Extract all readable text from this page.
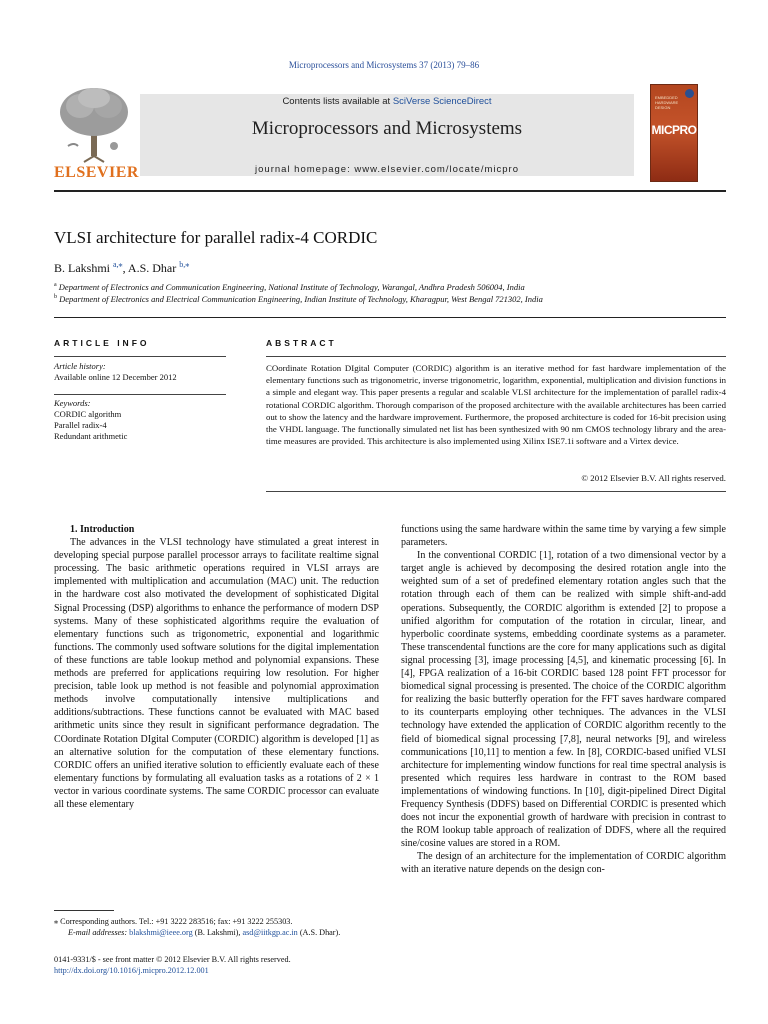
Microprocessors and Microsystems 37 (2013) 79–86
ELSEVIER
Contents lists available at SciVerse ScienceDirect
Microprocessors and Microsystems
journal homepage: www.elsevier.com/locate/micpro
EMBEDDED HARDWARE DESIGN
MICPRO
VLSI architecture for parallel radix-4 CORDIC
B. Lakshmi $^{a,⁎}$, A.S. Dhar $^{b,⁎}$
$^a$ Department of Electronics and Communication Engineering, National Institute of Technology, Warangal, Andhra Pradesh 506004, India
$^b$ Department of Electronics and Electrical Communication Engineering, Indian Institute of Technology, Kharagpur, West Bengal 721302, India
ARTICLE INFO
Article history:
Available online 12 December 2012
Keywords:
CORDIC algorithm
Parallel radix-4
Redundant arithmetic
ABSTRACT
COordinate Rotation DIgital Computer (CORDIC) algorithm is an iterative method for fast hardware implementation of the elementary functions such as trigonometric, inverse trigonometric, logarithm, exponential, multiplication and division functions in a simple and elegant way. This paper presents a regular and scalable VLSI architecture for the implementation of parallel radix-4 rotational CORDIC algorithm. Thorough comparison of the proposed architecture with the available architectures has been carried out to show the latency and the hardware improvement. Furthermore, the proposed architecture is coded for 16-bit precision using the VHDL language. The functionally simulated net list has been synthesized with 90 nm CMOS technology library and the area-time measures are provided. This architecture is also implemented using Xilinx ISE7.1i software and a Virtex device.
© 2012 Elsevier B.V. All rights reserved.

1. Introduction

The advances in the VLSI technology have stimulated a great interest in developing special purpose parallel processor arrays to facilitate realtime signal processing. The basic arithmetic operations required in VLSI arrays are implemented with multiplication and accumulation (MAC) unit. The reduction in the hardware cost also motivated the development of sophisticated Digital Signal Processing (DSP) algorithms to enhance the performance of modern DSP systems. Many of these sophisticated algorithms require the evaluation of elementary functions such as trigonometric, exponential and logarithmic functions. The commonly used software solutions for the digital implementation of these functions are table lookup method and polynomial expansions. These methods are preferred for applications requiring low resolution. For higher precision, table look up method is not feasible and polynomial approximation methods involve computationally intensive multiplications and additions/subtractions. These functions cannot be evaluated with MAC based arithmetic units since they result in significant performance degradation. The COordinate Rotation DIgital Computer (CORDIC) algorithm is developed [1] as an alternative solution for the computation of these elementary functions. CORDIC offers an unified iterative solution to efficiently evaluate each of these elementary functions by formulating all evaluation tasks as a rotations of 2 × 1 vector in various coordinate systems. The same CORDIC processor can evaluate all these elementary

functions using the same hardware within the same time by varying a few simple parameters.

In the conventional CORDIC [1], rotation of a two dimensional vector by a target angle is achieved by decomposing the desired rotation angle into the weighted sum of a set of predefined elementary rotation angles such that the rotation through each of them can be realized with simple shift-and-add operations. Subsequently, the CORDIC algorithm is extended [2] to propose a unified algorithm for computation of the rotation in circular, linear, and hyperbolic coordinate systems, embedding coordinate systems as a parameter. These transcendental functions are the core for many applications such as digital signal processing [3], image processing [4,5], and kinematic processing [6]. In [4], FPGA realization of a 16-bit CORDIC based 128 point FFT processor for biomedical signal processing is presented. The choice of the CORDIC algorithm for realizing the basic butterfly operation for the FFT saves hardware compared to its counterparts employing other techniques. The advances in the VLSI technology have extended the application of CORDIC algorithm recently to the field of biomedical signal processing [7,8], neural networks [9], and wireless communications [10,11] to mention a few. In [8], CORDIC-based unified VLSI architecture for implementing window functions for real time spectral analysis is presented which requires less hardware in contrast to the ROM based implementations of windowing functions. In [10], digit-pipelined Direct Digital Frequency Synthesis (DDFS) based on Differential CORDIC is presented which does not incur the exponential growth of hardware with precision in contrast to the ROM lookup table approach of realization of DDFS, where all the required sine/cosine values are stored in a ROM.

The design of an architecture for the implementation of CORDIC algorithm with an iterative nature depends on the design con-

⁎ Corresponding authors. Tel.: +91 3222 283516; fax: +91 3222 255303.
E-mail addresses: blakshmi@ieee.org (B. Lakshmi), asd@iitkgp.ac.in (A.S. Dhar).
0141-9331/$ - see front matter © 2012 Elsevier B.V. All rights reserved.
http://dx.doi.org/10.1016/j.micpro.2012.12.001
